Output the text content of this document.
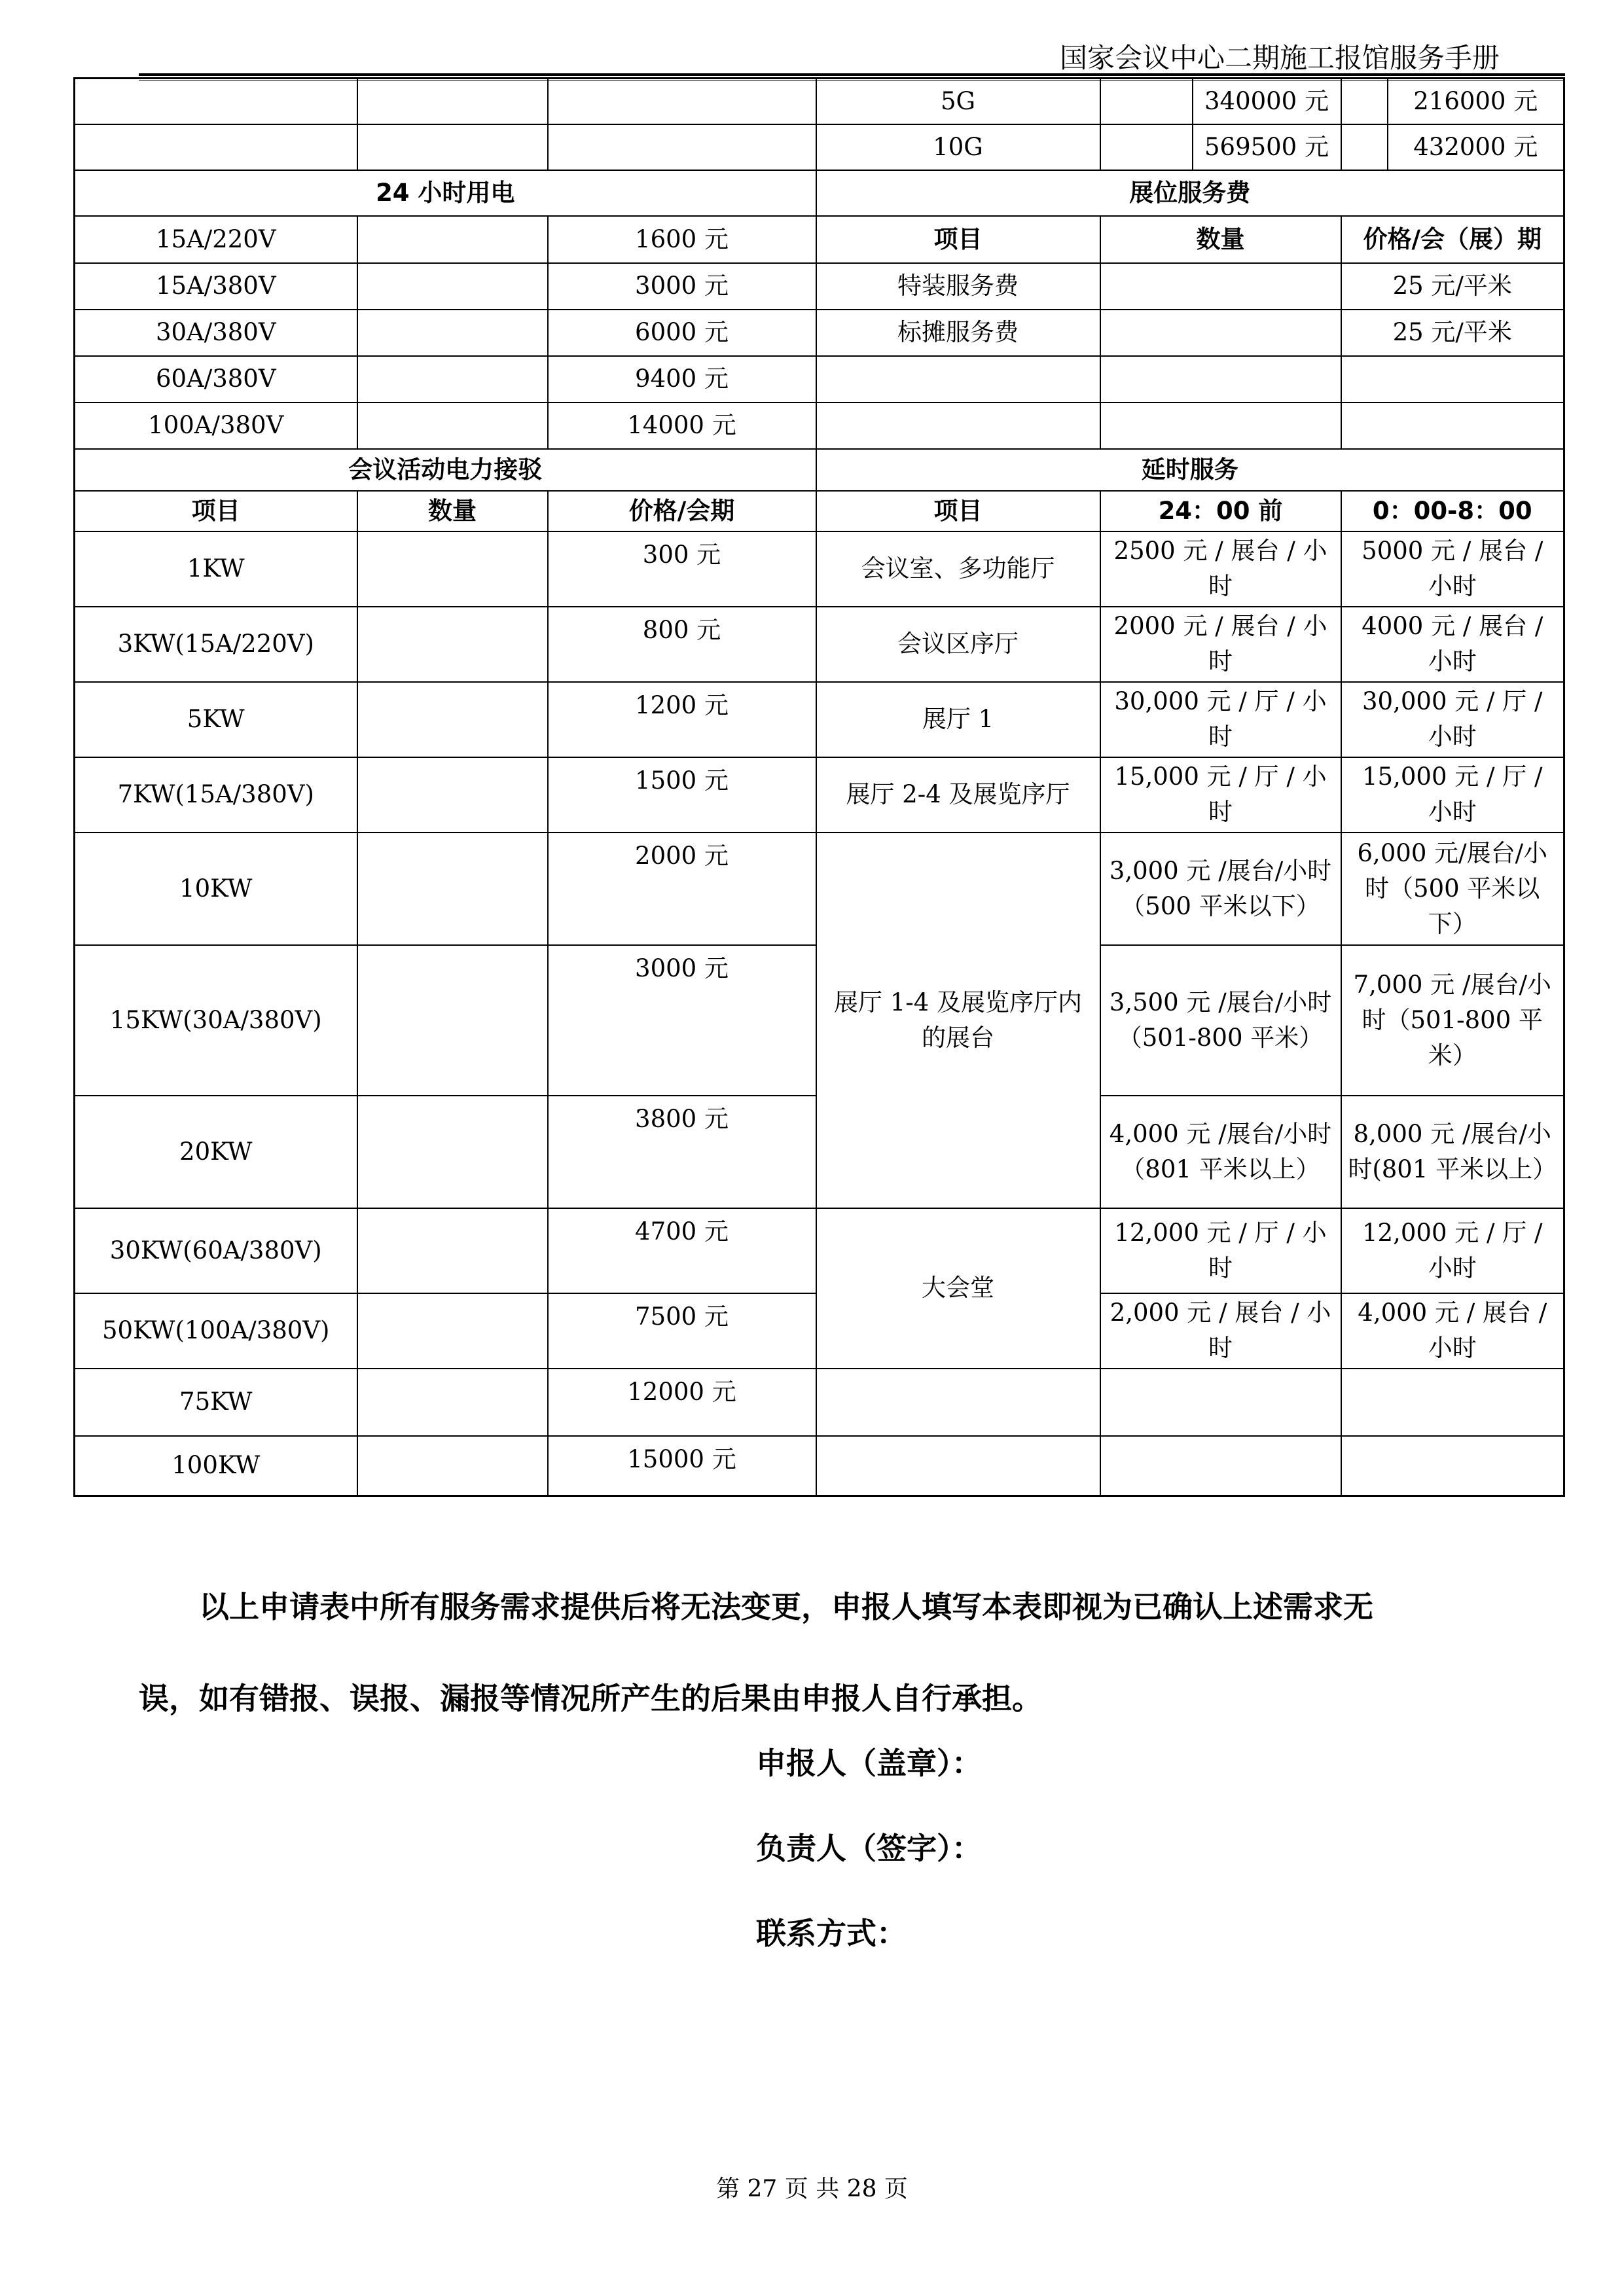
国家会议中心二期施工报馆服务手册
			5G		340000 元		216000 元
			10G		569500 元		432000 元
24 小时用电			展位服务费				
15A/220V		1600 元	项目	数量		价格/会（展）期	
15A/380V		3000 元	特装服务费			25 元/平米	
30A/380V		6000 元	标摊服务费			25 元/平米	
60A/380V		9400 元					
100A/380V		14000 元					
会议活动电力接驳			延时服务				
项目	数量	价格/会期	项目	24：00 前		0：00-8：00	
1KW		300 元	会议室、多功能厅	2500 元 / 展台 / 小时		5000 元 / 展台 / 小时	
3KW(15A/220V)		800 元	会议区序厅	2000 元 / 展台 / 小时		4000 元 / 展台 / 小时	
5KW		1200 元	展厅 1	30,000 元 / 厅 / 小时		30,000 元 / 厅 / 小时	
7KW(15A/380V)		1500 元	展厅 2-4 及展览序厅	15,000 元 / 厅 / 小时		15,000 元 / 厅 / 小时	
10KW		2000 元	展厅 1-4 及展览序厅内的展台	3,000 元 /展台/小时（500 平米以下）		6,000 元/展台/小时（500 平米以下）	
15KW(30A/380V)		3000 元		3,500 元 /展台/小时（501-800 平米）		7,000 元 /展台/小时（501-800 平米）	
20KW		3800 元		4,000 元 /展台/小时（801 平米以上）		8,000 元 /展台/小时(801 平米以上）	
30KW(60A/380V)		4700 元	大会堂	12,000 元 / 厅 / 小时		12,000 元 / 厅 / 小时	
50KW(100A/380V)		7500 元		2,000 元 / 展台 / 小时		4,000 元 / 展台 / 小时	
75KW		12000 元					
100KW		15000 元					

以上申请表中所有服务需求提供后将无法变更，申报人填写本表即视为已确认上述需求无

误，如有错报、误报、漏报等情况所产生的后果由申报人自行承担。
申报人（盖章）：
负责人（签字）：
联系方式：
第 27 页 共 28 页
